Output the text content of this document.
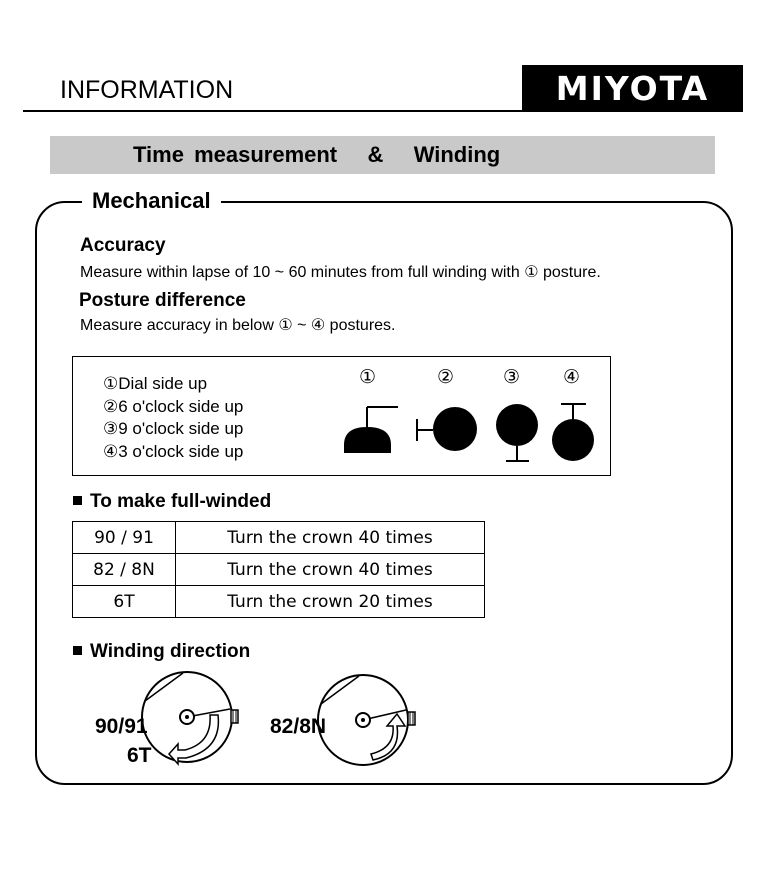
INFORMATION	MIYOTA
Time measurement   &   Winding
Mechanical
Accuracy
Measure within lapse of 10 ~ 60 minutes from full winding with ① posture.
Posture difference
Measure accuracy in below ① ~ ④ postures.
①Dial side up
②6 o'clock side up
③9 o'clock side up
④3 o'clock side up
①	②	③ ④
To make full-winded
90 / 91	Turn the crown 40 times
82 / 8N	Turn the crown 40 times
6T	Turn the crown 20 times
Winding direction
90/91
6T
82/8N
